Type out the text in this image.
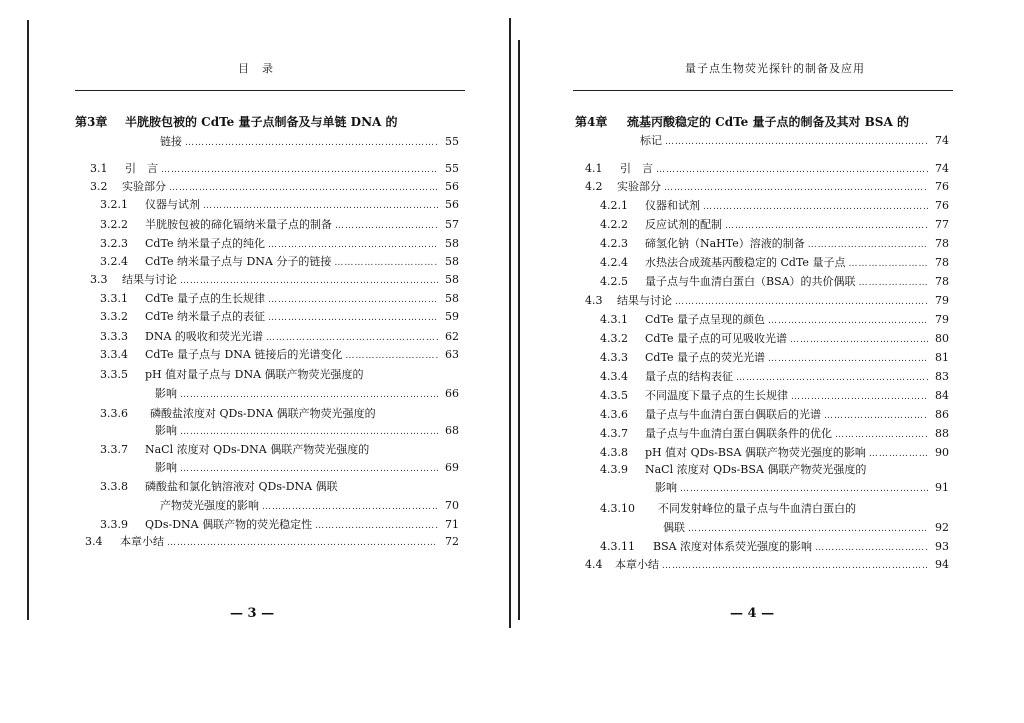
目　录
第3章	半胱胺包被的 CdTe 量子点制备及与单链 DNA 的
链接 …………………………………………………………………………………………………………………………………………………………………………	55
3.1	引　言 …………………………………………………………………………………………………………………………………………………………………………	55
3.2	实验部分 …………………………………………………………………………………………………………………………………………………………………………	56
3.2.1	仪器与试剂 …………………………………………………………………………………………………………………………………………………………………………	56
3.2.2	半胱胺包被的碲化镉纳米量子点的制备 …………………………………………………………………………………………………………………………………………………………………………	57
3.2.3	CdTe 纳米量子点的纯化 …………………………………………………………………………………………………………………………………………………………………………	58
3.2.4	CdTe 纳米量子点与 DNA 分子的链接 …………………………………………………………………………………………………………………………………………………………………………	58
3.3	结果与讨论 …………………………………………………………………………………………………………………………………………………………………………	58
3.3.1	CdTe 量子点的生长规律 …………………………………………………………………………………………………………………………………………………………………………	58
3.3.2	CdTe 纳米量子点的表征 …………………………………………………………………………………………………………………………………………………………………………	59
3.3.3	DNA 的吸收和荧光光谱 …………………………………………………………………………………………………………………………………………………………………………	62
3.3.4	CdTe 量子点与 DNA 链接后的光谱变化 …………………………………………………………………………………………………………………………………………………………………………	63
3.3.5	pH 值对量子点与 DNA 偶联产物荧光强度的
影响 …………………………………………………………………………………………………………………………………………………………………………	66
3.3.6	磷酸盐浓度对 QDs-DNA 偶联产物荧光强度的
影响 …………………………………………………………………………………………………………………………………………………………………………	68
3.3.7	NaCl 浓度对 QDs-DNA 偶联产物荧光强度的
影响 …………………………………………………………………………………………………………………………………………………………………………	69
3.3.8	磷酸盐和氯化钠溶液对 QDs-DNA 偶联
产物荧光强度的影响 …………………………………………………………………………………………………………………………………………………………………………	70
3.3.9	QDs-DNA 偶联产物的荧光稳定性 …………………………………………………………………………………………………………………………………………………………………………	71
3.4	本章小结 …………………………………………………………………………………………………………………………………………………………………………	72
— 3 —
量子点生物荧光探针的制备及应用
第4章	巯基丙酸稳定的 CdTe 量子点的制备及其对 BSA 的
标记 …………………………………………………………………………………………………………………………………………………………………………	74
4.1	引　言 …………………………………………………………………………………………………………………………………………………………………………	74
4.2	实验部分 …………………………………………………………………………………………………………………………………………………………………………	76
4.2.1	仪器和试剂 …………………………………………………………………………………………………………………………………………………………………………	76
4.2.2	反应试剂的配制 …………………………………………………………………………………………………………………………………………………………………………	77
4.2.3	碲氢化钠（NaHTe）溶液的制备 …………………………………………………………………………………………………………………………………………………………………………	78
4.2.4	水热法合成巯基丙酸稳定的 CdTe 量子点 …………………………………………………………………………………………………………………………………………………………………………	78
4.2.5	量子点与牛血清白蛋白（BSA）的共价偶联 …………………………………………………………………………………………………………………………………………………………………………	78
4.3	结果与讨论 …………………………………………………………………………………………………………………………………………………………………………	79
4.3.1	CdTe 量子点呈现的颜色 …………………………………………………………………………………………………………………………………………………………………………	79
4.3.2	CdTe 量子点的可见吸收光谱 …………………………………………………………………………………………………………………………………………………………………………	80
4.3.3	CdTe 量子点的荧光光谱 …………………………………………………………………………………………………………………………………………………………………………	81
4.3.4	量子点的结构表征 …………………………………………………………………………………………………………………………………………………………………………	83
4.3.5	不同温度下量子点的生长规律 …………………………………………………………………………………………………………………………………………………………………………	84
4.3.6	量子点与牛血清白蛋白偶联后的光谱 …………………………………………………………………………………………………………………………………………………………………………	86
4.3.7	量子点与牛血清白蛋白偶联条件的优化 …………………………………………………………………………………………………………………………………………………………………………	88
4.3.8	pH 值对 QDs-BSA 偶联产物荧光强度的影响 …………………………………………………………………………………………………………………………………………………………………………	90
4.3.9	NaCl 浓度对 QDs-BSA 偶联产物荧光强度的
影响 …………………………………………………………………………………………………………………………………………………………………………	91
4.3.10	不同发射峰位的量子点与牛血清白蛋白的
偶联 …………………………………………………………………………………………………………………………………………………………………………	92
4.3.11	BSA 浓度对体系荧光强度的影响 …………………………………………………………………………………………………………………………………………………………………………	93
4.4	本章小结 …………………………………………………………………………………………………………………………………………………………………………	94
— 4 —
